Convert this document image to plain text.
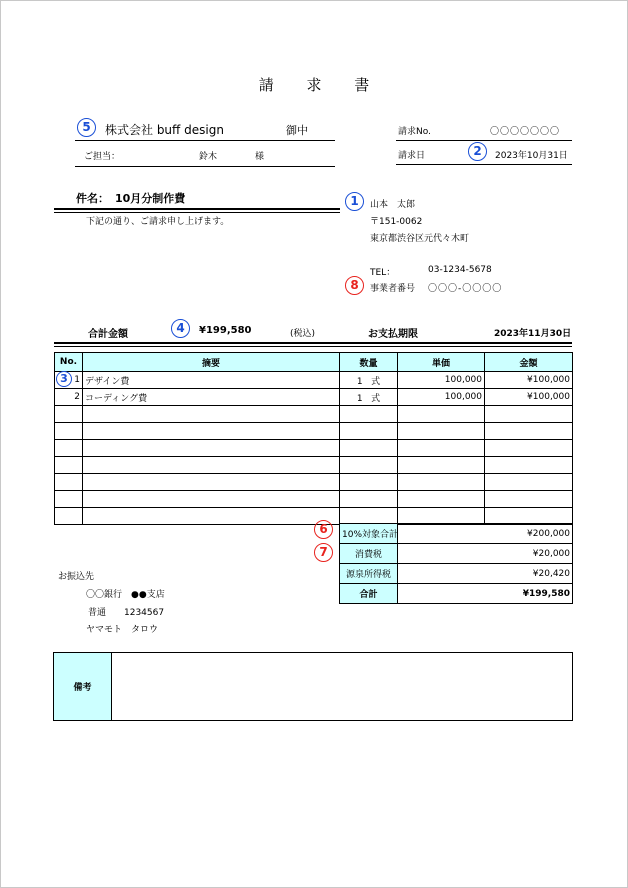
請 求 書
5	株式会社 buff design	御中
ご担当：	鈴木	様
請求No.	〇〇〇〇〇〇〇
請求日	2	2023年10月31日
件名： 10月分制作費
下記の通り、ご請求申し上げます。
1	山本　太郎
〒151-0062
東京都渋谷区元代々木町
TEL：	03-1234-5678
8	事業者番号 〇〇〇-〇〇〇〇
合計金額	4	¥199,580	(税込)	お支払期限	2023年11月30日
No.	摘要	数量	単価	金額
1	デザイン費	1 式	100,000	¥100,000
2	コーディング費	1 式	100,000	¥100,000

3
6
7
10%対象合計	¥200,000
消費税	¥20,000
源泉所得税	¥20,420
合計	¥199,580
お振込先
〇〇銀行　●●支店
普通　　1234567
ヤマモト　タロウ
備考
